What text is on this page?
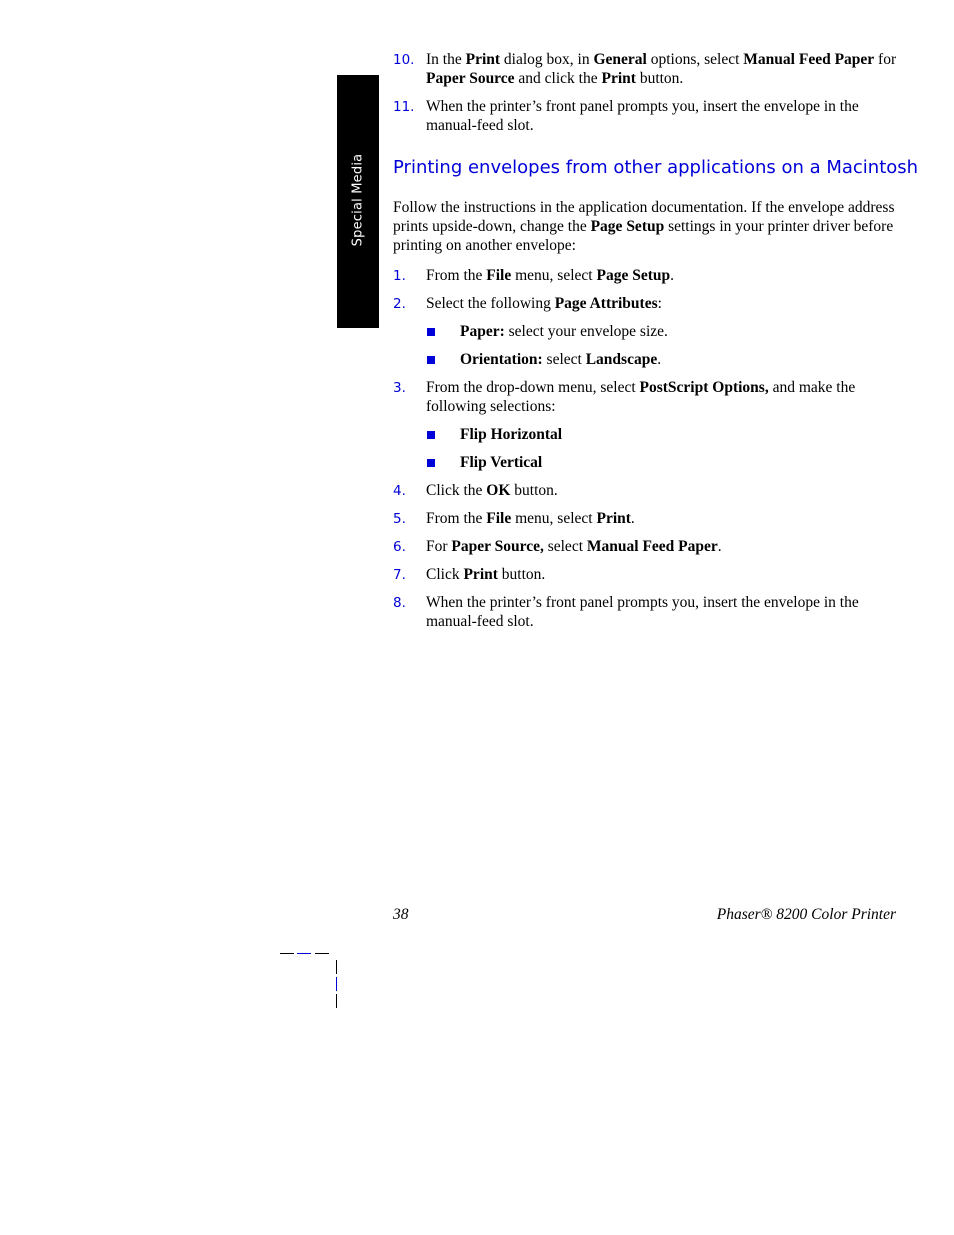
Special Media
10. In the Print dialog box, in General options, select Manual Feed Paper for Paper Source and click the Print button.
11. When the printer’s front panel prompts you, insert the envelope in the manual-feed slot.
Printing envelopes from other applications on a Macintosh

Follow the instructions in the application documentation. If the envelope address prints upside-down, change the Page Setup settings in your printer driver before printing on another envelope:

1. From the File menu, select Page Setup.
2. Select the following Page Attributes:
Paper: select your envelope size.
Orientation: select Landscape.
3. From the drop-down menu, select PostScript Options, and make the following selections:
Flip Horizontal
Flip Vertical
4. Click the OK button.
5. From the File menu, select Print.
6. For Paper Source, select Manual Feed Paper.
7. Click Print button.
8. When the printer’s front panel prompts you, insert the envelope in the manual-feed slot.
38	Phaser® 8200 Color Printer
